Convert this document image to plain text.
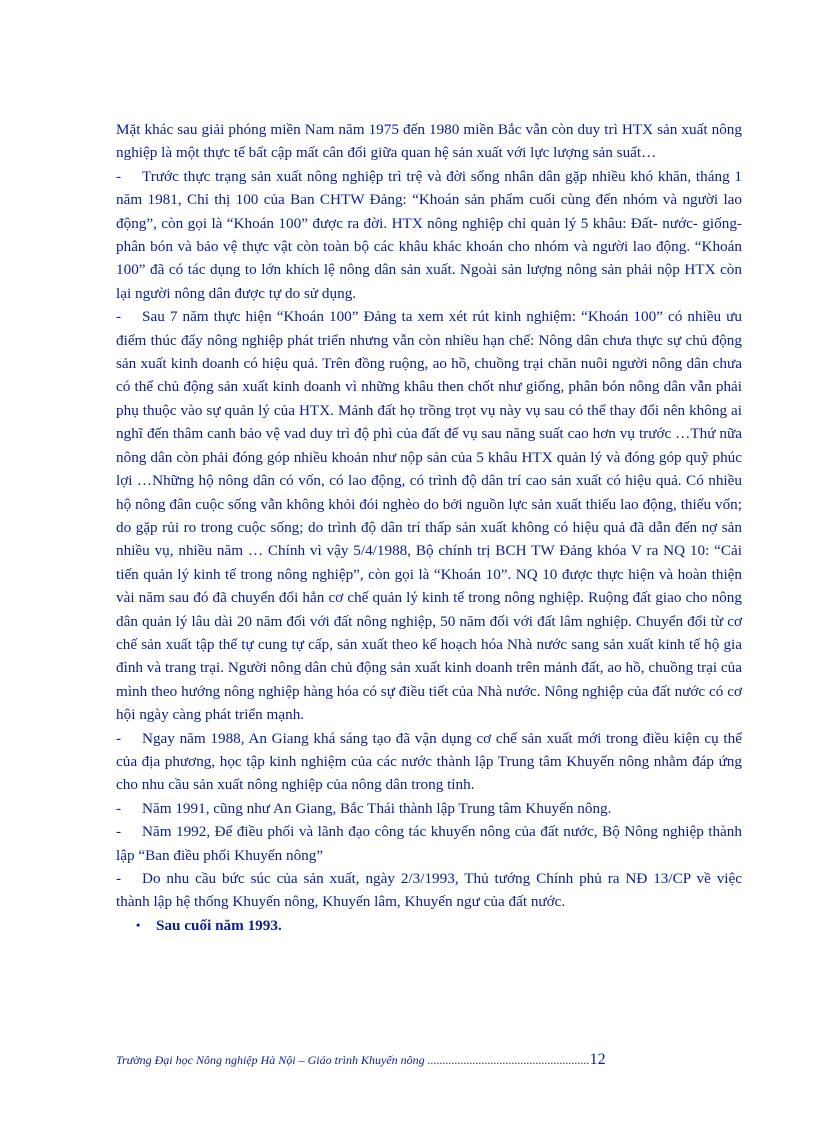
Mặt khác sau giải phóng miền Nam năm 1975 đến 1980 miền Bắc vẫn còn duy trì HTX sản xuất nông nghiệp là một thực tế bất cập mất cân đối giữa quan hệ sản xuất với lực lượng sản suất…

- Trước thực trạng sản xuất nông nghiệp trì trệ và đời sống nhân dân gặp nhiều khó khăn, tháng 1 năm 1981, Chỉ thị 100 của Ban CHTW Đảng: “Khoán sản phẩm cuối cùng đến nhóm và người lao động”, còn gọi là “Khoán 100” được ra đời. HTX nông nghiệp chỉ quản lý 5 khâu: Đất- nước- giống- phân bón và bảo vệ thực vật còn toàn bộ các khâu khác khoán cho nhóm và người lao động. “Khoán 100” đã có tác dụng to lớn khích lệ nông dân sản xuất. Ngoài sản lượng nông sản phải nộp HTX còn lại người nông dân được tự do sử dụng.

- Sau 7 năm thực hiện “Khoán 100” Đảng ta xem xét rút kinh nghiệm: “Khoán 100” có nhiều ưu điểm thúc đẩy nông nghiệp phát triển nhưng vẫn còn nhiều hạn chế: Nông dân chưa thực sự chủ động sản xuất kinh doanh có hiệu quả. Trên đồng ruộng, ao hồ, chuồng trại chăn nuôi người nông dân chưa có thể chủ động sản xuất kinh doanh vì những khâu then chốt như giống, phân bón nông dân vẫn phải phụ thuộc vào sự quản lý của HTX. Mảnh đất họ trồng trọt vụ này vụ sau có thể thay đổi nên không ai nghĩ đến thâm canh bảo vệ vad duy trì độ phì của đất để vụ sau năng suất cao hơn vụ trước …Thứ nữa nông dân còn phải đóng góp nhiều khoản như nộp sản của 5 khâu HTX quản lý và đóng góp quỹ phúc lợi …Những hộ nông dân có vốn, có lao động, có trình độ dân trí cao sản xuất có hiệu quả. Có nhiều hộ nông đân cuộc sống vẫn không khỏi đói nghèo do bởi nguồn lực sản xuất thiếu lao động, thiếu vốn; do gặp rủi ro trong cuộc sống; do trình độ dân trí thấp sản xuất không có hiệu quả đã dẫn đến nợ sản nhiều vụ, nhiều năm … Chính vì vậy 5/4/1988, Bộ chính trị BCH TW Đảng khóa V ra NQ 10: “Cải tiến quản lý kinh tế trong nông nghiệp”, còn gọi là “Khoán 10”. NQ 10 được thực hiện và hoàn thiện vài năm sau đó đã chuyển đổi hẳn cơ chế quản lý kinh tế trong nông nghiệp. Ruộng đất giao cho nông dân quản lý lâu dài 20 năm đối với đất nông nghiệp, 50 năm đối với đất lâm nghiệp. Chuyển đổi từ cơ chế sản xuất tập thể tự cung tự cấp, sản xuất theo kế hoạch hóa Nhà nước sang sản xuất kinh tế hộ gia đình và trang trại. Người nông dân chủ động sản xuất kinh doanh trên mảnh đất, ao hồ, chuồng trại của mình theo hướng nông nghiệp hàng hóa có sự điều tiết của Nhà nước. Nông nghiệp của đất nước có cơ hội ngày càng phát triển mạnh.

- Ngay năm 1988, An Giang khá sáng tạo đã vận dụng cơ chế sản xuất mới trong điều kiện cụ thể của địa phương, học tập kinh nghiệm của các nước thành lập Trung tâm Khuyến nông nhằm đáp ứng cho nhu cầu sản xuất nông nghiệp của nông dân trong tỉnh.

- Năm 1991, cũng như An Giang, Bắc Thái thành lập Trung tâm Khuyến nông.

- Năm 1992, Để điều phối và lãnh đạo công tác khuyến nông của đất nước, Bộ Nông nghiệp thành lập “Ban điều phối Khuyến nông”

- Do nhu cầu bức súc của sản xuất, ngày 2/3/1993, Thủ tướng Chính phủ ra NĐ 13/CP về việc thành lập hệ thống Khuyến nông, Khuyến lâm, Khuyến ngư của đất nước.

• Sau cuối năm 1993.

Trường Đại học Nông nghiệp Hà Nội – Giáo trình Khuyến nông ......................................................12
